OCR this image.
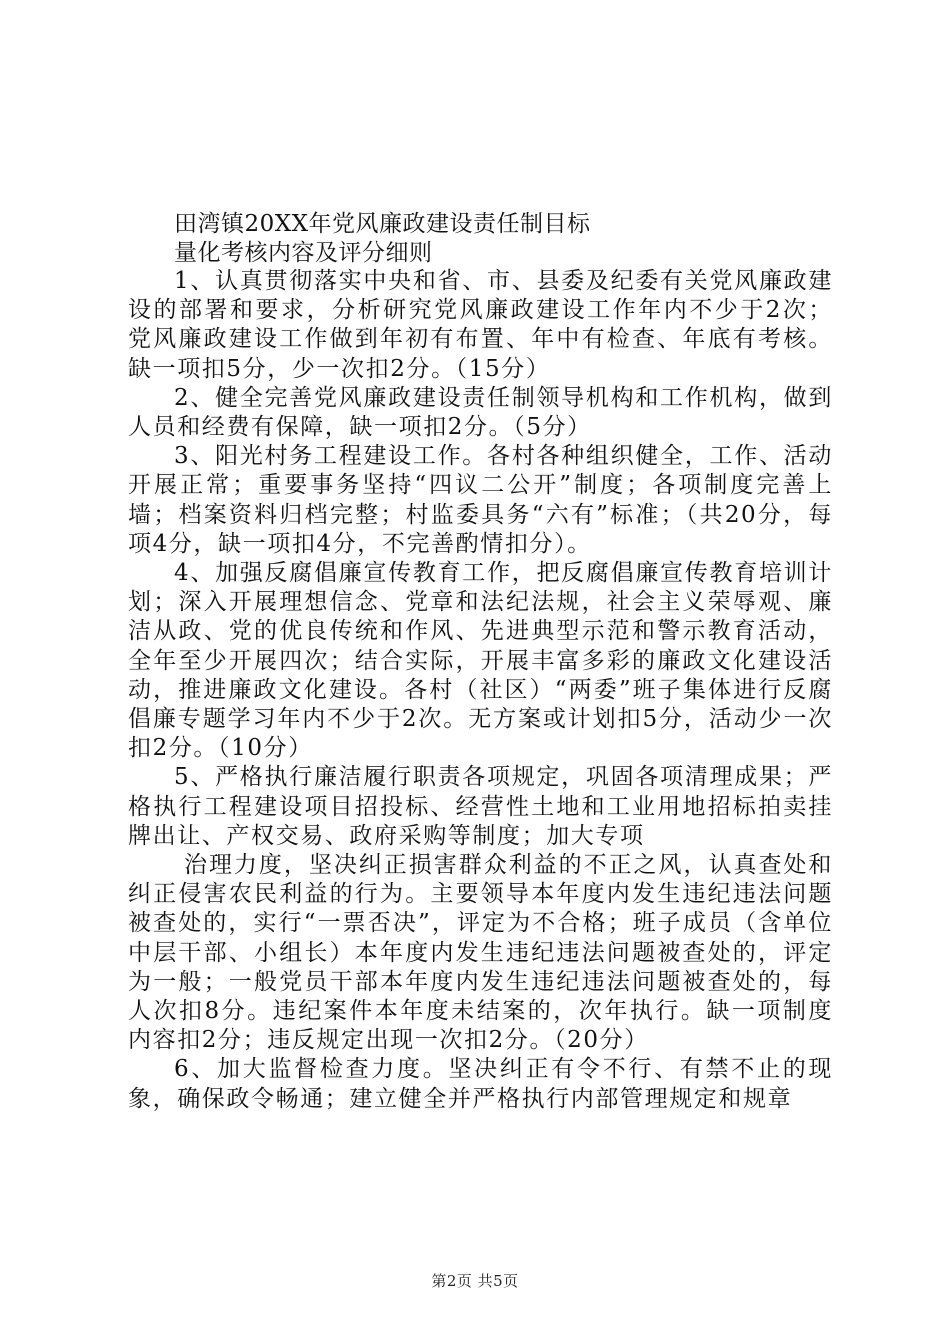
田湾镇20XX年党风廉政建设责任制目标

量化考核内容及评分细则

1、认真贯彻落实中央和省、市、县委及纪委有关党风廉政建设的部署和要求，分析研究党风廉政建设工作年内不少于2次；党风廉政建设工作做到年初有布置、年中有检查、年底有考核。缺一项扣5分，少一次扣2分。（15分）

2、健全完善党风廉政建设责任制领导机构和工作机构，做到人员和经费有保障，缺一项扣2分。（5分）

3、阳光村务工程建设工作。各村各种组织健全，工作、活动开展正常；重要事务坚持“四议二公开”制度；各项制度完善上墙；档案资料归档完整；村监委具务“六有”标准；（共20分，每项4分，缺一项扣4分，不完善酌情扣分）。

4、加强反腐倡廉宣传教育工作，把反腐倡廉宣传教育培训计划；深入开展理想信念、党章和法纪法规，社会主义荣辱观、廉洁从政、党的优良传统和作风、先进典型示范和警示教育活动，全年至少开展四次；结合实际，开展丰富多彩的廉政文化建设活动，推进廉政文化建设。各村（社区）“两委”班子集体进行反腐倡廉专题学习年内不少于2次。无方案或计划扣5分，活动少一次扣2分。（10分）

5、严格执行廉洁履行职责各项规定，巩固各项清理成果；严格执行工程建设项目招投标、经营性土地和工业用地招标拍卖挂牌出让、产权交易、政府采购等制度；加大专项

治理力度，坚决纠正损害群众利益的不正之风，认真查处和纠正侵害农民利益的行为。主要领导本年度内发生违纪违法问题被查处的，实行“一票否决”，评定为不合格；班子成员（含单位中层干部、小组长）本年度内发生违纪违法问题被查处的，评定为一般；一般党员干部本年度内发生违纪违法问题被查处的，每人次扣8分。违纪案件本年度未结案的，次年执行。缺一项制度内容扣2分；违反规定出现一次扣2分。（20分）

6、加大监督检查力度。坚决纠正有令不行、有禁不止的现象，确保政令畅通；建立健全并严格执行内部管理规定和规章

第2页 共5页
